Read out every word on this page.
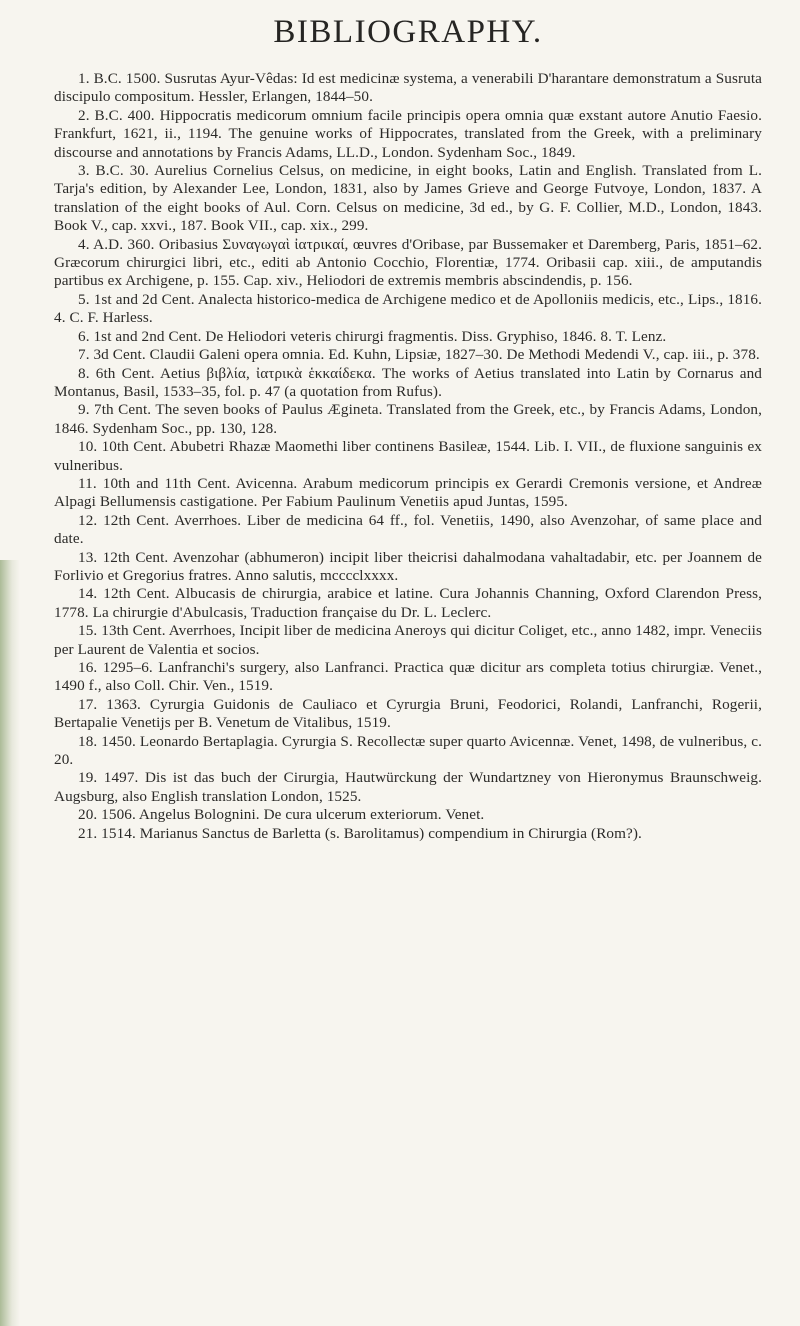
BIBLIOGRAPHY.

1. B.C. 1500. Susrutas Ayur-Vêdas: Id est medicinæ systema, a venerabili D'harantare demonstratum a Susruta discipulo compositum. Hessler, Erlangen, 1844–50.

2. B.C. 400. Hippocratis medicorum omnium facile principis opera omnia quæ exstant autore Anutio Faesio. Frankfurt, 1621, ii., 1194. The genuine works of Hippocrates, translated from the Greek, with a preliminary discourse and annotations by Francis Adams, LL.D., London. Sydenham Soc., 1849.

3. B.C. 30. Aurelius Cornelius Celsus, on medicine, in eight books, Latin and English. Translated from L. Tarja's edition, by Alexander Lee, London, 1831, also by James Grieve and George Futvoye, London, 1837. A translation of the eight books of Aul. Corn. Celsus on medicine, 3d ed., by G. F. Collier, M.D., London, 1843. Book V., cap. xxvi., 187. Book VII., cap. xix., 299.

4. A.D. 360. Oribasius Συναγωγαὶ ἰατρικαί, œuvres d'Oribase, par Bussemaker et Daremberg, Paris, 1851–62. Græcorum chirurgici libri, etc., editi ab Antonio Cocchio, Florentiæ, 1774. Oribasii cap. xiii., de amputandis partibus ex Archigene, p. 155. Cap. xiv., Heliodori de extremis membris abscindendis, p. 156.

5. 1st and 2d Cent. Analecta historico-medica de Archigene medico et de Apolloniis medicis, etc., Lips., 1816. 4. C. F. Harless.

6. 1st and 2nd Cent. De Heliodori veteris chirurgi fragmentis. Diss. Gryphiso, 1846. 8. T. Lenz.

7. 3d Cent. Claudii Galeni opera omnia. Ed. Kuhn, Lipsiæ, 1827–30. De Methodi Medendi V., cap. iii., p. 378.

8. 6th Cent. Aetius βιβλία, ἰατρικὰ ἑκκαίδεκα. The works of Aetius translated into Latin by Cornarus and Montanus, Basil, 1533–35, fol. p. 47 (a quotation from Rufus).

9. 7th Cent. The seven books of Paulus Ægineta. Translated from the Greek, etc., by Francis Adams, London, 1846. Sydenham Soc., pp. 130, 128.

10. 10th Cent. Abubetri Rhazæ Maomethi liber continens Basileæ, 1544. Lib. I. VII., de fluxione sanguinis ex vulneribus.

11. 10th and 11th Cent. Avicenna. Arabum medicorum principis ex Gerardi Cremonis versione, et Andreæ Alpagi Bellumensis castigatione. Per Fabium Paulinum Venetiis apud Juntas, 1595.

12. 12th Cent. Averrhoes. Liber de medicina 64 ff., fol. Venetiis, 1490, also Avenzohar, of same place and date.

13. 12th Cent. Avenzohar (abhumeron) incipit liber theicrisi dahalmodana vahaltadabir, etc. per Joannem de Forlivio et Gregorius fratres. Anno salutis, mcccclxxxx.

14. 12th Cent. Albucasis de chirurgia, arabice et latine. Cura Johannis Channing, Oxford Clarendon Press, 1778. La chirurgie d'Abulcasis, Traduction française du Dr. L. Leclerc.

15. 13th Cent. Averrhoes, Incipit liber de medicina Aneroys qui dicitur Coliget, etc., anno 1482, impr. Veneciis per Laurent de Valentia et socios.

16. 1295–6. Lanfranchi's surgery, also Lanfranci. Practica quæ dicitur ars completa totius chirurgiæ. Venet., 1490 f., also Coll. Chir. Ven., 1519.

17. 1363. Cyrurgia Guidonis de Cauliaco et Cyrurgia Bruni, Feodorici, Rolandi, Lanfranchi, Rogerii, Bertapalie Venetijs per B. Venetum de Vitalibus, 1519.

18. 1450. Leonardo Bertaplagia. Cyrurgia S. Recollectæ super quarto Avicennæ. Venet, 1498, de vulneribus, c. 20.

19. 1497. Dis ist das buch der Cirurgia, Hautwürckung der Wundartzney von Hieronymus Braunschweig. Augsburg, also English translation London, 1525.

20. 1506. Angelus Bolognini. De cura ulcerum exteriorum. Venet.

21. 1514. Marianus Sanctus de Barletta (s. Barolitamus) compendium in Chirurgia (Rom?).
